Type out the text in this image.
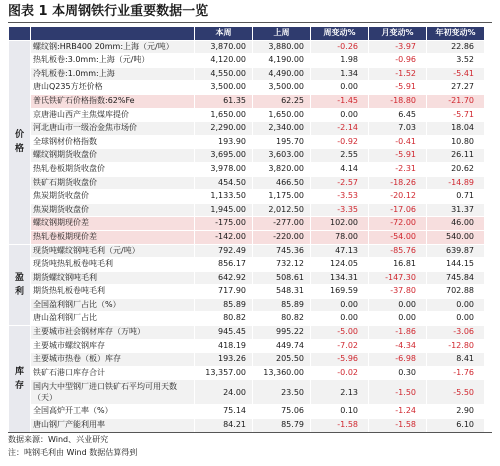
图表 1 本周钢铁行业重要数据一览
		本周	上周	周变动%	月变动%	年初变动%
价
格	螺纹钢:HRB400 20mm:上海（元/吨）	3,870.00	3,880.00	-0.26	-3.97	22.86
	热轧板卷:3.0mm:上海（元/吨）	4,120.00	4,190.00	1.98	-0.96	3.52
	冷轧板卷:1.0mm:上海	4,550.00	4,490.00	1.34	-1.52	-5.41
	唐山Q235方坯价格	3,500.00	3,500.00	0.00	-5.91	27.27
	普氏铁矿石价格指数:62%Fe	61.35	62.25	-1.45	-18.80	-21.70
	京唐港山西产主焦煤库提价	1,650.00	1,650.00	0.00	6.45	-5.71
	河北唐山市一级冶金焦市场价	2,290.00	2,340.00	-2.14	7.03	18.04
	全球钢材价格指数	193.90	195.70	-0.92	-0.41	10.80
	螺纹钢期货收盘价	3,695.00	3,603.00	2.55	-5.91	26.11
	热轧卷板期货收盘价	3,978.00	3,820.00	4.14	-2.31	20.62
	铁矿石期货收盘价	454.50	466.50	-2.57	-18.26	-14.89
	焦炭期货收盘价	1,133.50	1,175.00	-3.53	-20.12	0.71
	焦炭期货收盘价	1,945.00	2,012.50	-3.35	-17.06	31.37
	螺纹钢期现价差	-175.00	-277.00	102.00	-72.00	46.00
	热轧卷板期现价差	-142.00	-220.00	78.00	-54.00	540.00
盈
利	现货吨螺纹钢吨毛利（元/吨）	792.49	745.36	47.13	-85.76	639.87
	现货吨热轧板卷吨毛利	856.17	732.12	124.05	16.81	144.15
	期货螺纹钢吨毛利	642.92	508.61	134.31	-147.30	745.84
	期货热轧板卷吨毛利	717.90	548.31	169.59	-37.80	702.88
	全国盈利钢厂占比（%）	85.89	85.89	0.00	0.00	0.00
	唐山盈利钢厂占比	80.82	80.82	0.00	0.00	0.00
库
存	主要城市社会钢材库存（万吨）	945.45	995.22	-5.00	-1.86	-3.06
	主要城市螺纹钢库存	418.19	449.74	-7.02	-4.34	-12.80
	主要城市热卷（板）库存	193.26	205.50	-5.96	-6.98	8.41
	铁矿石港口库存合计	13,357.00	13,360.00	-0.02	0.30	-1.76
	国内大中型钢厂进口铁矿石平均可用天数（天）	24.00	23.50	2.13	-1.50	-5.50
	全国高炉开工率（%）	75.14	75.06	0.10	-1.24	2.90
	唐山钢厂产能利用率	84.21	85.79	-1.58	-1.58	6.10
数据来源：Wind、兴业研究
注：吨钢毛利由 Wind 数据估算得到
